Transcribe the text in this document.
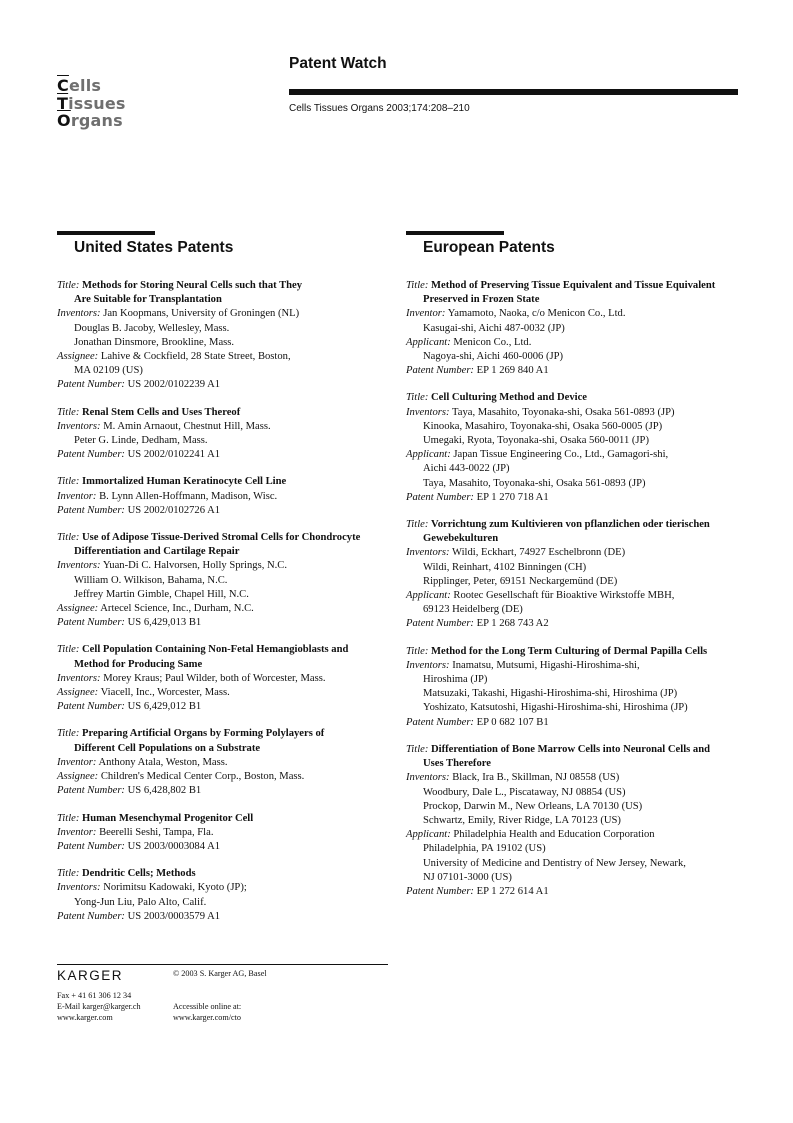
$\overline{C}ells$
$\overline{T}issues$
$\overline{O}rgans$
Patent Watch
Cells Tissues Organs 2003;174:208–210
United States Patents	European Patents
Title: Methods for Storing Neural Cells such that They
Are Suitable for Transplantation
Inventors: Jan Koopmans, University of Groningen (NL)
Douglas B. Jacoby, Wellesley, Mass.
Jonathan Dinsmore, Brookline, Mass.
Assignee: Lahive & Cockfield, 28 State Street, Boston,
MA 02109 (US)
Patent Number: US 2002/0102239 A1
Title: Renal Stem Cells and Uses Thereof
Inventors: M. Amin Arnaout, Chestnut Hill, Mass.
Peter G. Linde, Dedham, Mass.
Patent Number: US 2002/0102241 A1
Title: Immortalized Human Keratinocyte Cell Line
Inventor: B. Lynn Allen-Hoffmann, Madison, Wisc.
Patent Number: US 2002/0102726 A1
Title: Use of Adipose Tissue-Derived Stromal Cells for Chondrocyte
Differentiation and Cartilage Repair
Inventors: Yuan-Di C. Halvorsen, Holly Springs, N.C.
William O. Wilkison, Bahama, N.C.
Jeffrey Martin Gimble, Chapel Hill, N.C.
Assignee: Artecel Science, Inc., Durham, N.C.
Patent Number: US 6,429,013 B1
Title: Cell Population Containing Non-Fetal Hemangioblasts and
Method for Producing Same
Inventors: Morey Kraus; Paul Wilder, both of Worcester, Mass.
Assignee: Viacell, Inc., Worcester, Mass.
Patent Number: US 6,429,012 B1
Title: Preparing Artificial Organs by Forming Polylayers of
Different Cell Populations on a Substrate
Inventor: Anthony Atala, Weston, Mass.
Assignee: Children's Medical Center Corp., Boston, Mass.
Patent Number: US 6,428,802 B1
Title: Human Mesenchymal Progenitor Cell
Inventor: Beerelli Seshi, Tampa, Fla.
Patent Number: US 2003/0003084 A1
Title: Dendritic Cells; Methods
Inventors: Norimitsu Kadowaki, Kyoto (JP);
Yong-Jun Liu, Palo Alto, Calif.
Patent Number: US 2003/0003579 A1
Title: Method of Preserving Tissue Equivalent and Tissue Equivalent
Preserved in Frozen State
Inventor: Yamamoto, Naoka, c/o Menicon Co., Ltd.
Kasugai-shi, Aichi 487-0032 (JP)
Applicant: Menicon Co., Ltd.
Nagoya-shi, Aichi 460-0006 (JP)
Patent Number: EP 1 269 840 A1
Title: Cell Culturing Method and Device
Inventors: Taya, Masahito, Toyonaka-shi, Osaka 561-0893 (JP)
Kinooka, Masahiro, Toyonaka-shi, Osaka 560-0005 (JP)
Umegaki, Ryota, Toyonaka-shi, Osaka 560-0011 (JP)
Applicant: Japan Tissue Engineering Co., Ltd., Gamagori-shi,
Aichi 443-0022 (JP)
Taya, Masahito, Toyonaka-shi, Osaka 561-0893 (JP)
Patent Number: EP 1 270 718 A1
Title: Vorrichtung zum Kultivieren von pflanzlichen oder tierischen
Gewebekulturen
Inventors: Wildi, Eckhart, 74927 Eschelbronn (DE)
Wildi, Reinhart, 4102 Binningen (CH)
Ripplinger, Peter, 69151 Neckargemünd (DE)
Applicant: Rootec Gesellschaft für Bioaktive Wirkstoffe MBH,
69123 Heidelberg (DE)
Patent Number: EP 1 268 743 A2
Title: Method for the Long Term Culturing of Dermal Papilla Cells
Inventors: Inamatsu, Mutsumi, Higashi-Hiroshima-shi,
Hiroshima (JP)
Matsuzaki, Takashi, Higashi-Hiroshima-shi, Hiroshima (JP)
Yoshizato, Katsutoshi, Higashi-Hiroshima-shi, Hiroshima (JP)
Patent Number: EP 0 682 107 B1
Title: Differentiation of Bone Marrow Cells into Neuronal Cells and
Uses Therefore
Inventors: Black, Ira B., Skillman, NJ 08558 (US)
Woodbury, Dale L., Piscataway, NJ 08854 (US)
Prockop, Darwin M., New Orleans, LA 70130 (US)
Schwartz, Emily, River Ridge, LA 70123 (US)
Applicant: Philadelphia Health and Education Corporation
Philadelphia, PA 19102 (US)
University of Medicine and Dentistry of New Jersey, Newark,
NJ 07101-3000 (US)
Patent Number: EP 1 272 614 A1
KARGER	© 2003 S. Karger AG, Basel
Fax + 41 61 306 12 34
E-Mail karger@karger.ch
www.karger.com
Accessible online at:
www.karger.com/cto
